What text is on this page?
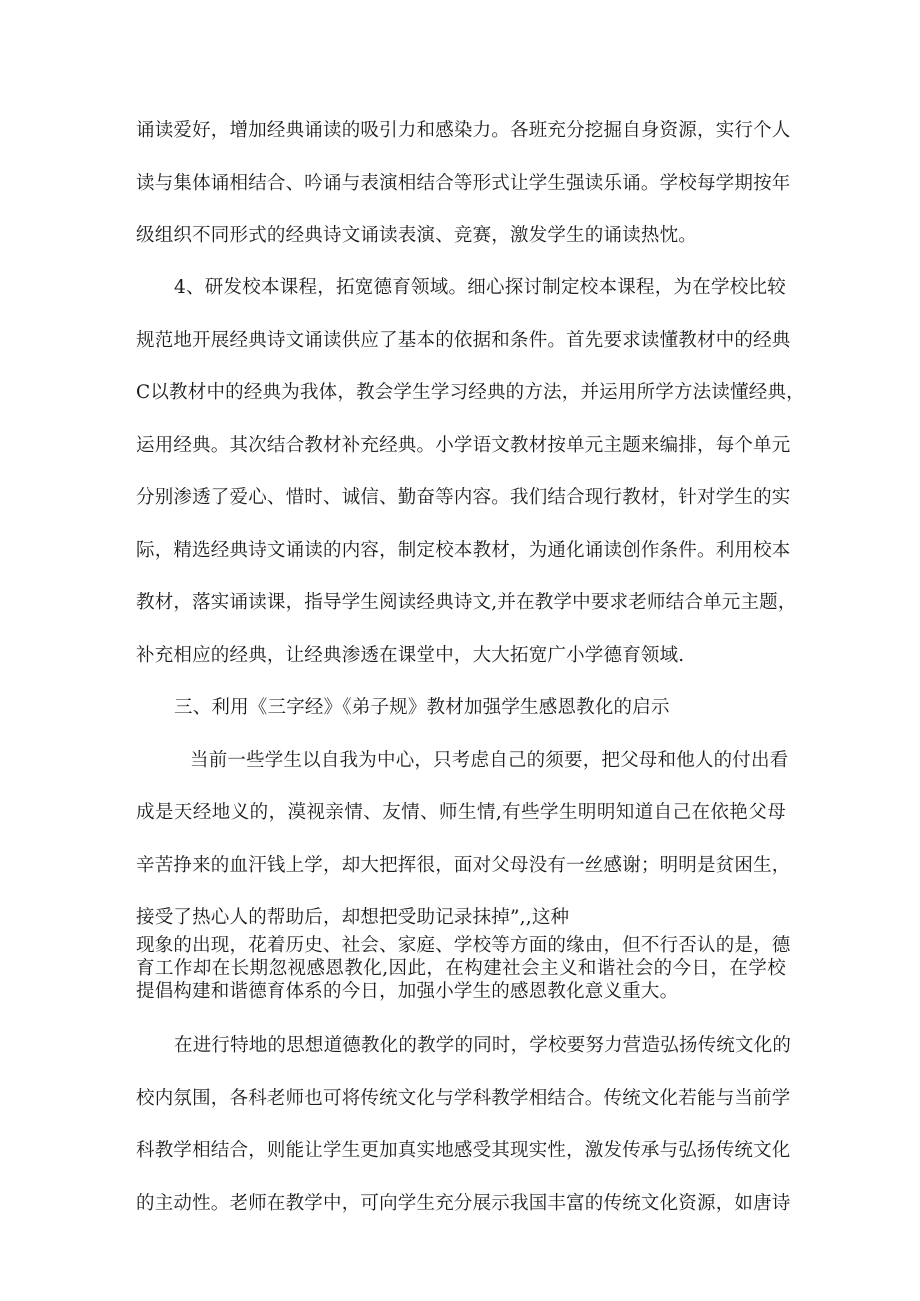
诵读爱好，增加经典诵读的吸引力和感染力。各班充分挖掘自身资源，实行个人
读与集体诵相结合、吟诵与表演相结合等形式让学生强读乐诵。学校每学期按年
级组织不同形式的经典诗文诵读表演、竞赛，激发学生的诵读热忱。
4、研发校本课程，拓宽德育领域。细心探讨制定校本课程，为在学校比较
规范地开展经典诗文诵读供应了基本的依据和条件。首先要求读懂教材中的经典
C以教材中的经典为我体，教会学生学习经典的方法，并运用所学方法读懂经典，
运用经典。其次结合教材补充经典。小学语文教材按单元主题来编排，每个单元
分别渗透了爱心、惜时、诚信、勤奋等内容。我们结合现行教材，针对学生的实
际，精选经典诗文诵读的内容，制定校本教材，为通化诵读创作条件。利用校本
教材，落实诵读课，指导学生阅读经典诗文,并在教学中要求老师结合单元主题，
补充相应的经典，让经典渗透在课堂中，大大拓宽广小学德育领域.
三、利用《三字经》《弟子规》教材加强学生感恩教化的启示
当前一些学生以自我为中心，只考虑自己的须要，把父母和他人的付出看
成是天经地义的，漠视亲情、友情、师生情,有些学生明明知道自己在依艳父母
辛苦挣来的血汗钱上学，却大把挥很，面对父母没有一丝感谢；明明是贫困生，
接受了热心人的帮助后，却想把受助记录抹掉”,,这种
现象的出现，花着历史、社会、家庭、学校等方面的缘由，但不行否认的是，德
育工作却在长期忽视感恩教化,因此，在构建社会主义和谐社会的今日，在学校
提倡构建和谐德育体系的今日，加强小学生的感恩教化意义重大。
在进行特地的思想道德教化的教学的同时，学校要努力营造弘扬传统文化的
校内氛围，各科老师也可将传统文化与学科教学相结合。传统文化若能与当前学
科教学相结合，则能让学生更加真实地感受其现实性，激发传承与弘扬传统文化
的主动性。老师在教学中，可向学生充分展示我国丰富的传统文化资源，如唐诗
